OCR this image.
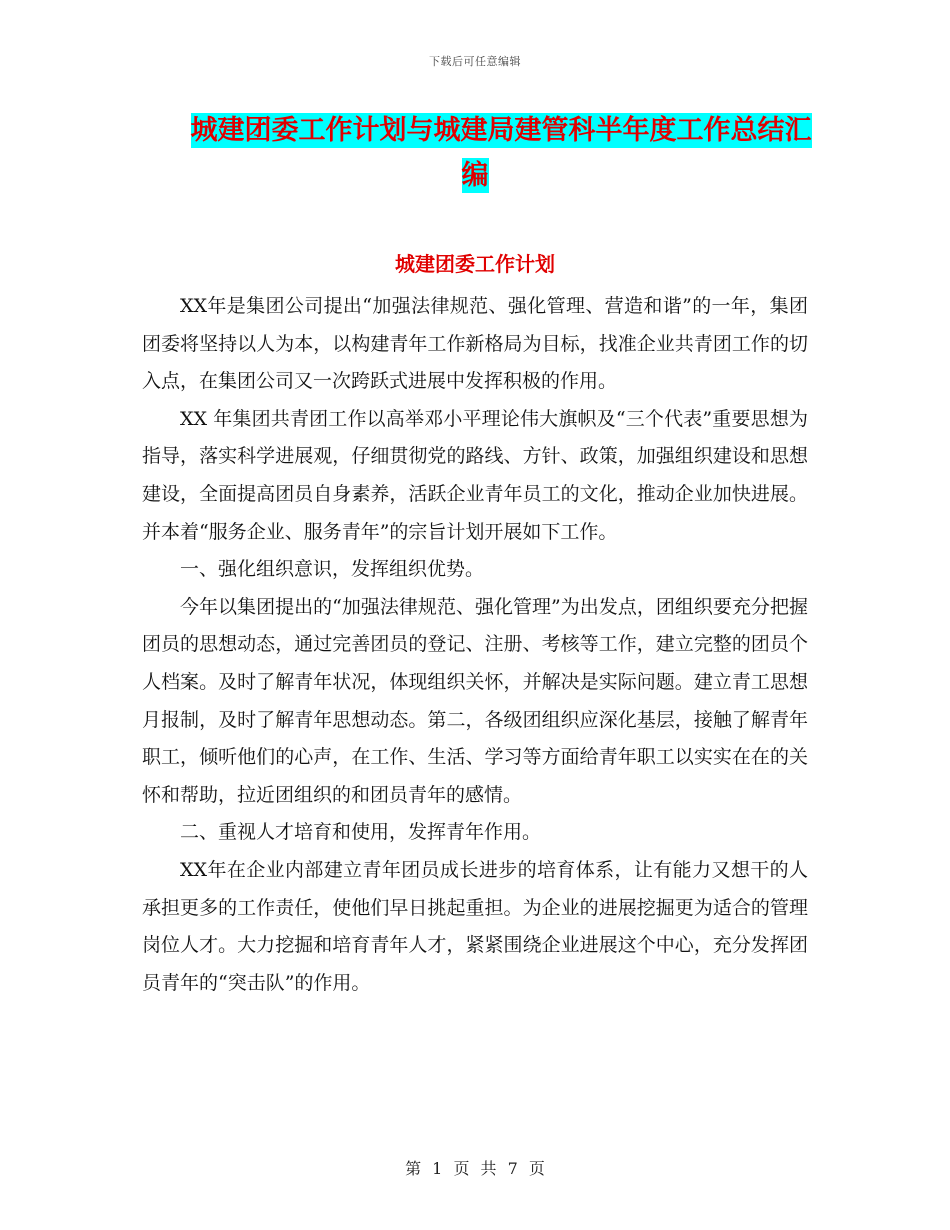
下载后可任意编辑
城建团委工作计划与城建局建管科半年度工作总结汇
编
城建团委工作计划

XX年是集团公司提出“加强法律规范、强化管理、营造和谐”的一年，集团团委将坚持以人为本，以构建青年工作新格局为目标，找准企业共青团工作的切入点，在集团公司又一次跨跃式进展中发挥积极的作用。

XX 年集团共青团工作以高举邓小平理论伟大旗帜及“三个代表”重要思想为指导，落实科学进展观，仔细贯彻党的路线、方针、政策，加强组织建设和思想建设，全面提高团员自身素养，活跃企业青年员工的文化，推动企业加快进展。并本着“服务企业、服务青年”的宗旨计划开展如下工作。

一、强化组织意识，发挥组织优势。

今年以集团提出的“加强法律规范、强化管理”为出发点，团组织要充分把握团员的思想动态，通过完善团员的登记、注册、考核等工作，建立完整的团员个人档案。及时了解青年状况，体现组织关怀，并解决是实际问题。建立青工思想月报制，及时了解青年思想动态。第二，各级团组织应深化基层，接触了解青年职工，倾听他们的心声，在工作、生活、学习等方面给青年职工以实实在在的关怀和帮助，拉近团组织的和团员青年的感情。

二、重视人才培育和使用，发挥青年作用。

XX年在企业内部建立青年团员成长进步的培育体系，让有能力又想干的人承担更多的工作责任，使他们早日挑起重担。为企业的进展挖掘更为适合的管理岗位人才。大力挖掘和培育青年人才，紧紧围绕企业进展这个中心，充分发挥团员青年的“突击队”的作用。

第 1 页 共 7 页
